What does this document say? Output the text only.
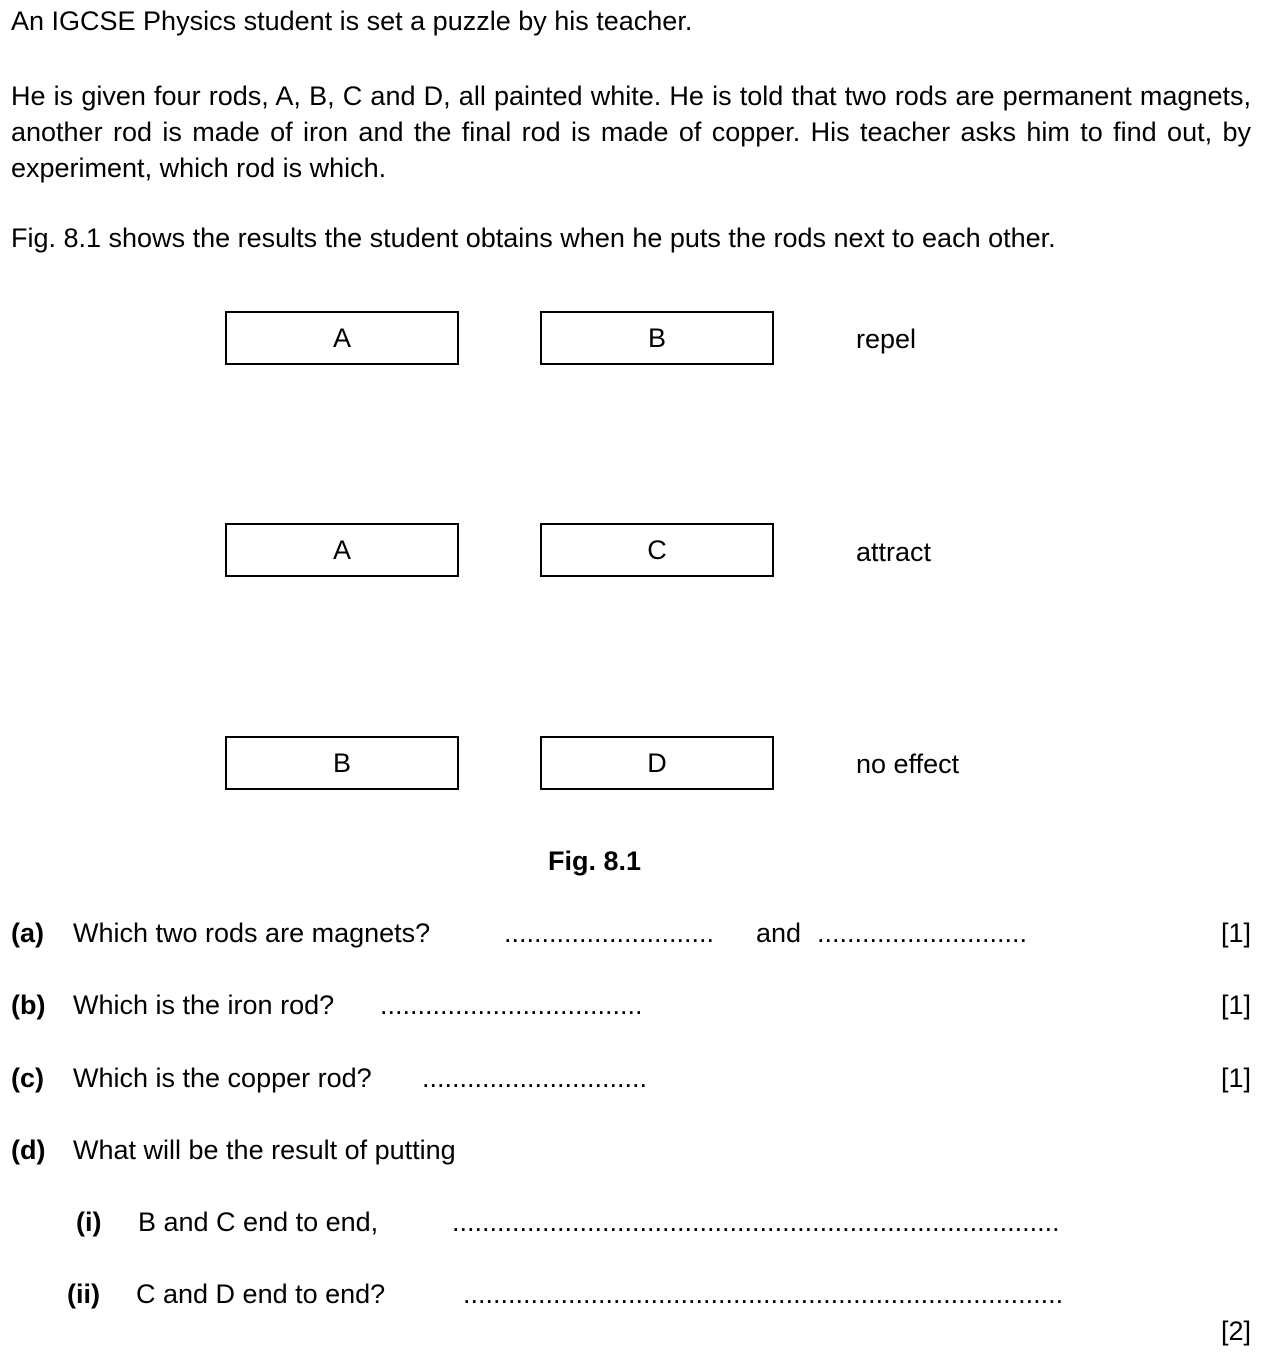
An IGCSE Physics student is set a puzzle by his teacher.
He is given four rods, A, B, C and D, all painted white. He is told that two rods are permanent magnets, another rod is made of iron and the final rod is made of copper. His teacher asks him to find out, by experiment, which rod is which.
Fig. 8.1 shows the results the student obtains when he puts the rods next to each other.
A	B	repel
A	C	attract
B	D	no effect
Fig. 8.1
(a) Which two rods are magnets?	............................ and ............................	[1]
(b) Which is the iron rod? ...................................	[1]
(c) Which is the copper rod? ..............................	[1]
(d) What will be the result of putting
(i) B and C end to end,	.................................................................................
(ii) C and D end to end?	................................................................................
[2]
